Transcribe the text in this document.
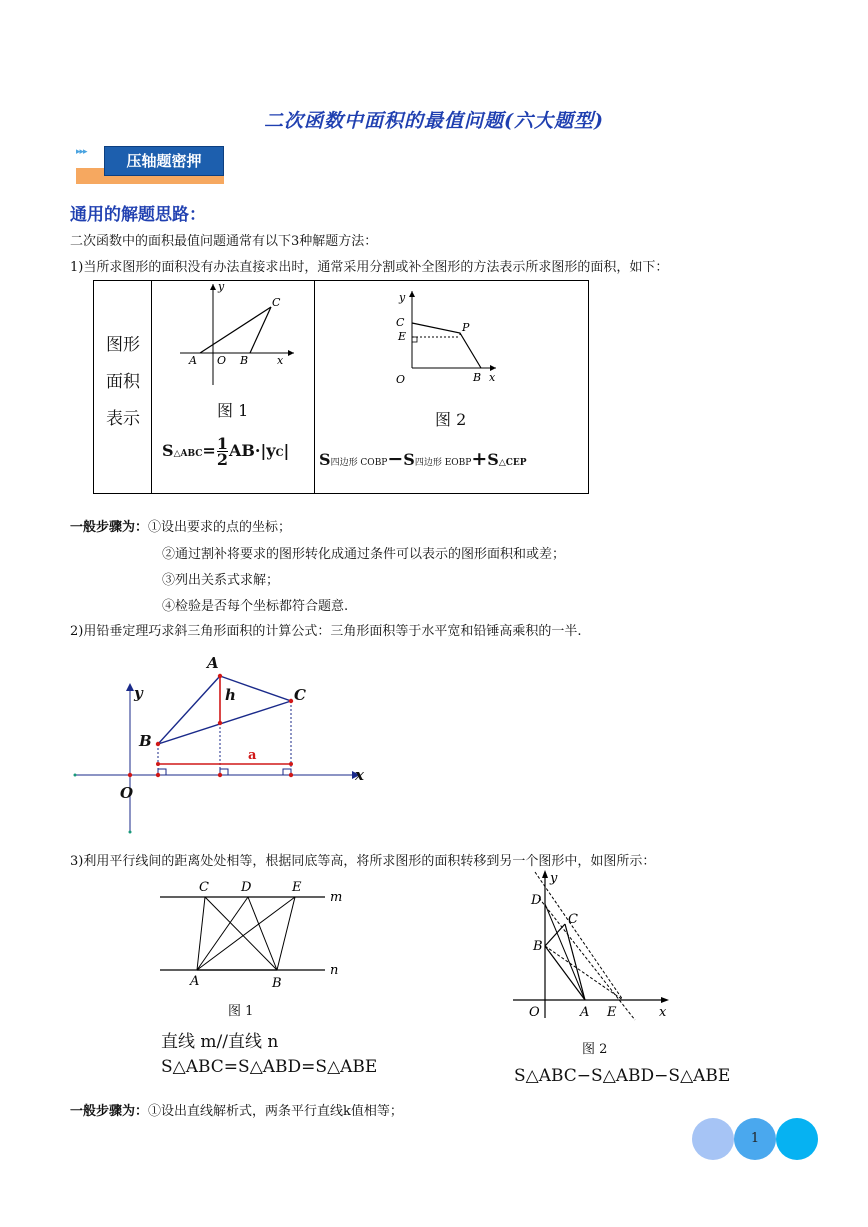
二次函数中面积的最值问题(六大题型)
▸▸▸	压轴题密押
通用的解题思路：
二次函数中的面积最值问题通常有以下3种解题方法：
1)当所求图形的面积没有办法直接求出时，通常采用分割或补全图形的方法表示所求图形的面积，如下：
图形
面积
表示
y
A O B	x
C
图 1
S△ABC= $\frac{1}{2} AB\cdot|yC|$
y
C
E
P
O	B x
图 2
S四边形 COBP−S四边形 EOBP+S△CEP
一般步骤为：①设出要求的点的坐标；
②通过割补将要求的图形转化成通过条件可以表示的图形面积和或差；
③列出关系式求解；
④检验是否每个坐标都符合题意.
2)用铅垂定理巧求斜三角形面积的计算公式：三角形面积等于水平宽和铅锤高乘积的一半.
A
h	C
y
B
a
x
O
3)利用平行线间的距离处处相等，根据同底等高，将所求图形的面积转移到另一个图形中，如图所示：
C D	E
m
n
A	B
图 1
直线 m//直线 n
S△ABC=S△ABD=S△ABE
y
D
C
B
O	A E	x
图 2
S△ABC−S△ABD−S△ABE
一般步骤为：①设出直线解析式，两条平行直线k值相等；
1
